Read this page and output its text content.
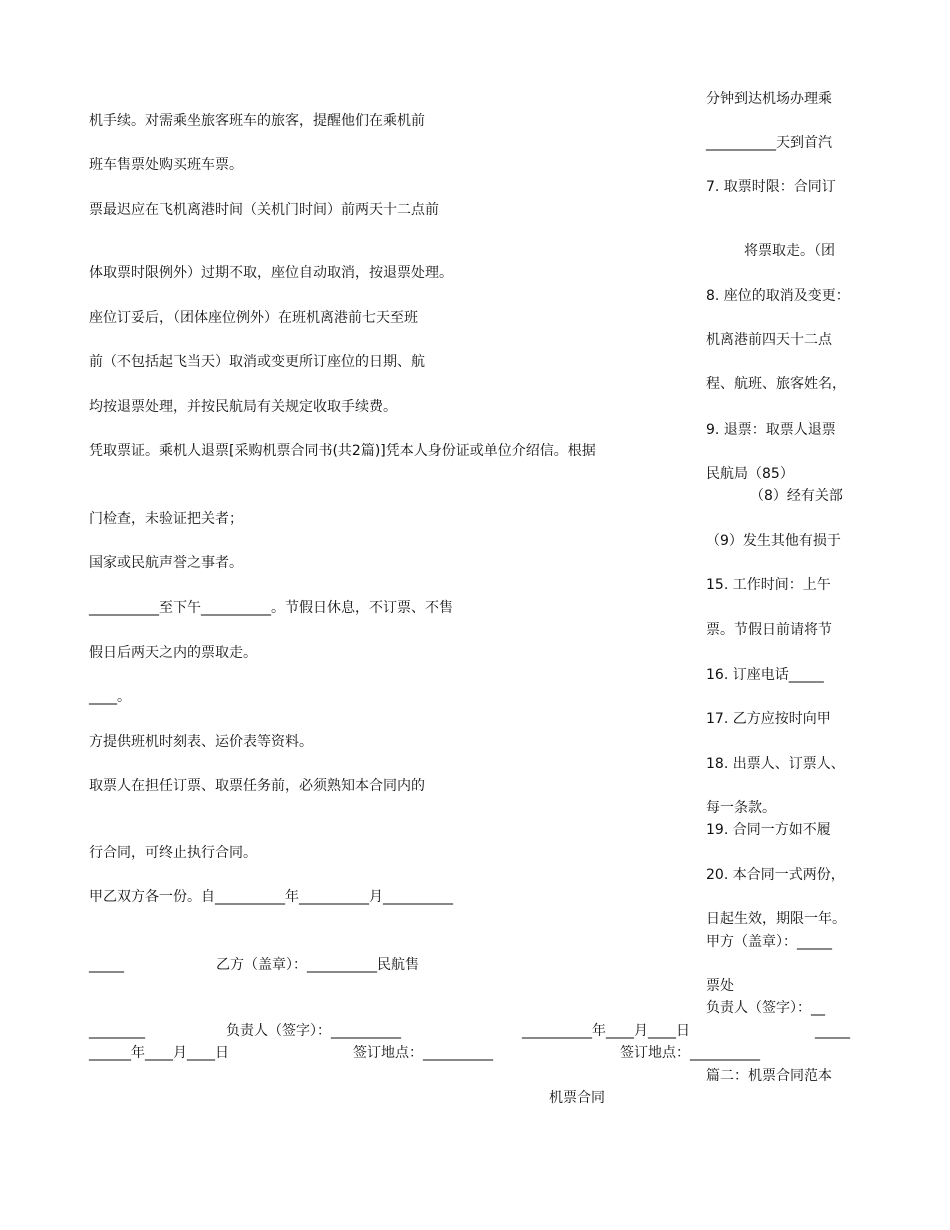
分钟到达机场办理乘
机手续。对需乘坐旅客班车的旅客，提醒他们在乘机前
__________天到首汽
班车售票处购买班车票。
7. 取票时限：合同订
票最迟应在飞机离港时间（关机门时间）前两天十二点前
将票取走。（团
体取票时限例外）过期不取，座位自动取消，按退票处理。
8. 座位的取消及变更：
座位订妥后，（团体座位例外）在班机离港前七天至班
机离港前四天十二点
前（不包括起飞当天）取消或变更所订座位的日期、航
程、航班、旅客姓名，
均按退票处理，并按民航局有关规定收取手续费。
9. 退票：取票人退票
凭取票证。乘机人退票[采购机票合同书(共2篇)]凭本人身份证或单位介绍信。根据
民航局（85）
（8）经有关部
门检查，未验证把关者；
（9）发生其他有损于
国家或民航声誉之事者。
15. 工作时间：上午
__________至下午__________。节假日休息，不订票、不售
票。节假日前请将节
假日后两天之内的票取走。
16. 订座电话_____
____。
17. 乙方应按时向甲
方提供班机时刻表、运价表等资料。
18. 出票人、订票人、
取票人在担任订票、取票任务前，必须熟知本合同内的
每一条款。
19. 合同一方如不履
行合同，可终止执行合同。
20. 本合同一式两份，
甲乙双方各一份。自__________年__________月__________
日起生效，期限一年。
甲方（盖章）：_____
_____	乙方（盖章）：__________民航售
票处
负责人（签字）：__
________	负责人（签字）：__________	__________年____月____日	_____
______年____月____日	签订地点：__________	签订地点：__________
篇二：机票合同范本
机票合同
